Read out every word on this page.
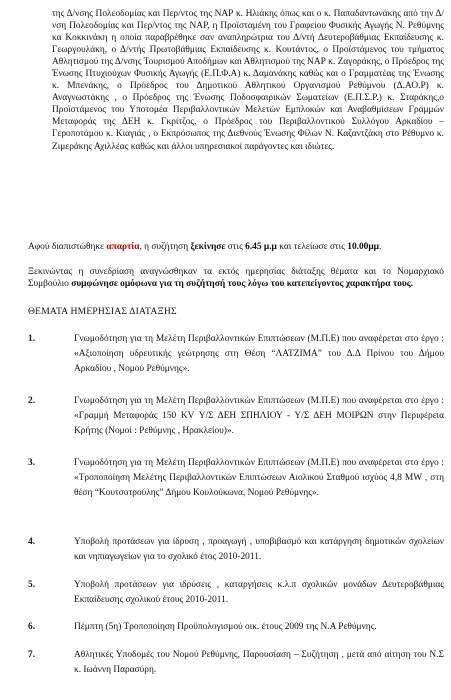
της Δ/νσης Πολεοδομίας και Περ/ντος της ΝΑΡ κ. Ηλιάκης όπως και ο κ. Παπαδαντωνάκης από την Δ/νση Πολεοδομίας και Περ/ντος της ΝΑΡ, η Προϊσταμένη του Γραφείου Φυσικής Αγωγής Ν. Ρεθύμνης κα Κοκκινάκη η οποία παραβρέθηκε σαν αναπληρώτρια του Δ/ντή Δευτεροβάθμιας Εκπαίδευσης κ. Γεωργουλάκη, ο Δ/ντής Πρωτοβάθμιας Εκπαίδευσης κ. Κουτάντος, ο Προϊστάμενος του τμήματος Αθλητισμού της Δ/νσης Τουρισμού Αποδήμων και Αθλητισμού της ΝΑΡ κ. Ζαγοράκης, ο Πρόεδρος της Ένωσης Πτυχιούχων Φυσικής Αγωγής (Ε.Π.Φ.Α) κ. Δαμανάκης καθώς και ο Γραμματέας της Ένωσης κ. Μπενάκης, ο Πρόεδρος του Δημοτικού Αθλητικού Οργανισμού Ρεθύμνου (Δ.ΑΟ.Ρ) κ. Αναγνωστάκης , ο Πρόεδρος της Ένωσης Ποδοσφαιρικών Σωματείων (Ε.Π.Σ.Ρ.) κ. Σταράκης,ο Προϊστάμενος του Υποτομέα Περιβαλλοντικών Μελετών Εμπλοκών και Αναβαθμίσεων Γραμμών Μεταφοράς της ΔΕΗ κ. Γκρίτζος, ο Πρόεδρος του Περιβαλλοντικού Συλλόγου Αρκαδίου – Γεροποτάμου κ. Κιαγιάς , ο Εκπρόσωπος της Διεθνούς Ένωσης Φίλων Ν. Καζαντζάκη στο Ρέθυμνο κ. Ζιμεράκης Αχιλλέας καθώς και άλλοι υπηρεσιακοί παράγοντες και ιδιώτες.

Αφού διαπιστώθηκε απαρτία, η συζήτηση ξεκίνησε στις 6.45 μ.μ και τελείωσε στις 10.00μμ.

Ξεκινώντας η συνεδρίαση αναγνώσθηκαν τα εκτός ημερησίας διάταξης θέματα και το Νομαρχιακό Συμβούλιο συμφώνησε ομόφωνα για τη συζήτησή τους λόγω του κατεπείγοντος χαρακτήρα τους.

ΘΕΜΑΤΑ ΗΜΕΡΗΣΙΑΣ ΔΙΑΤΑΞΗΣ

1.	Γνωμοδότηση για τη Μελέτη Περιβαλλοντικών Επιπτώσεων (Μ.Π.Ε) που αναφέρεται στο έργο : «Αξιοποίηση υδρευτικής γεώτρησης στη Θέση “ΛΑΤΖΙΜΑ” του Δ.Δ Πρίνου του Δήμου Αρκαδίου , Νομού Ρεθύμνης».
2.	Γνωμοδότηση για τη Μελέτη Περιβαλλοντικών Επιπτώσεων (Μ.Π.Ε) που αναφέρεται στο έργο : «Γραμμή Μεταφοράς 150 KV Υ/Σ ΔΕΗ ΣΠΗΛΙΟΥ - Υ/Σ ΔΕΗ ΜΟΙΡΩΝ στην Περιφέρεια Κρήτης (Νομοί : Ρεθύμνης , Ηρακλείου)».
3.	Γνωμοδότηση για τη Μελέτη Περιβαλλοντικών Επιπτώσεων (Μ.Π.Ε) που αναφέρεται στο έργο : «Τροποποίηση Μελέτης Περιβαλλοντικών Επιπτώσεων Αιολικού Σταθμού ισχύος 4,8 MW , στη θέση “Κουτσοτρούλης” Δήμου Κουλούκωνα, Νομού Ρεθύμνης».
4.	Υποβολή προτάσεων για ίδρυση , προαγωγή , υποβιβασμό και κατάργηση δημοτικών σχολείων και νηπιαγωγείων για το σχολικό έτος 2010-2011.
5.	Υποβολή προτάσεων για ιδρύσεις , καταργήσεις κ.λ.π σχολικών μονάδων Δευτεροβάθμιας Εκπαίδευσης σχολικού έτους 2010-2011.
6.	Πέμπτη (5η) Τροποποίηση Προϋπολογισμού οικ. έτους 2009 της Ν.Α Ρεθύμνης.
7.	Αθλητικές Υποδομές του Νομού Ρεθύμνης, Παρουσίαση – Συζήτηση , μετά από αίτηση του Ν.Σ κ. Ιωάννη Παρασύρη.
